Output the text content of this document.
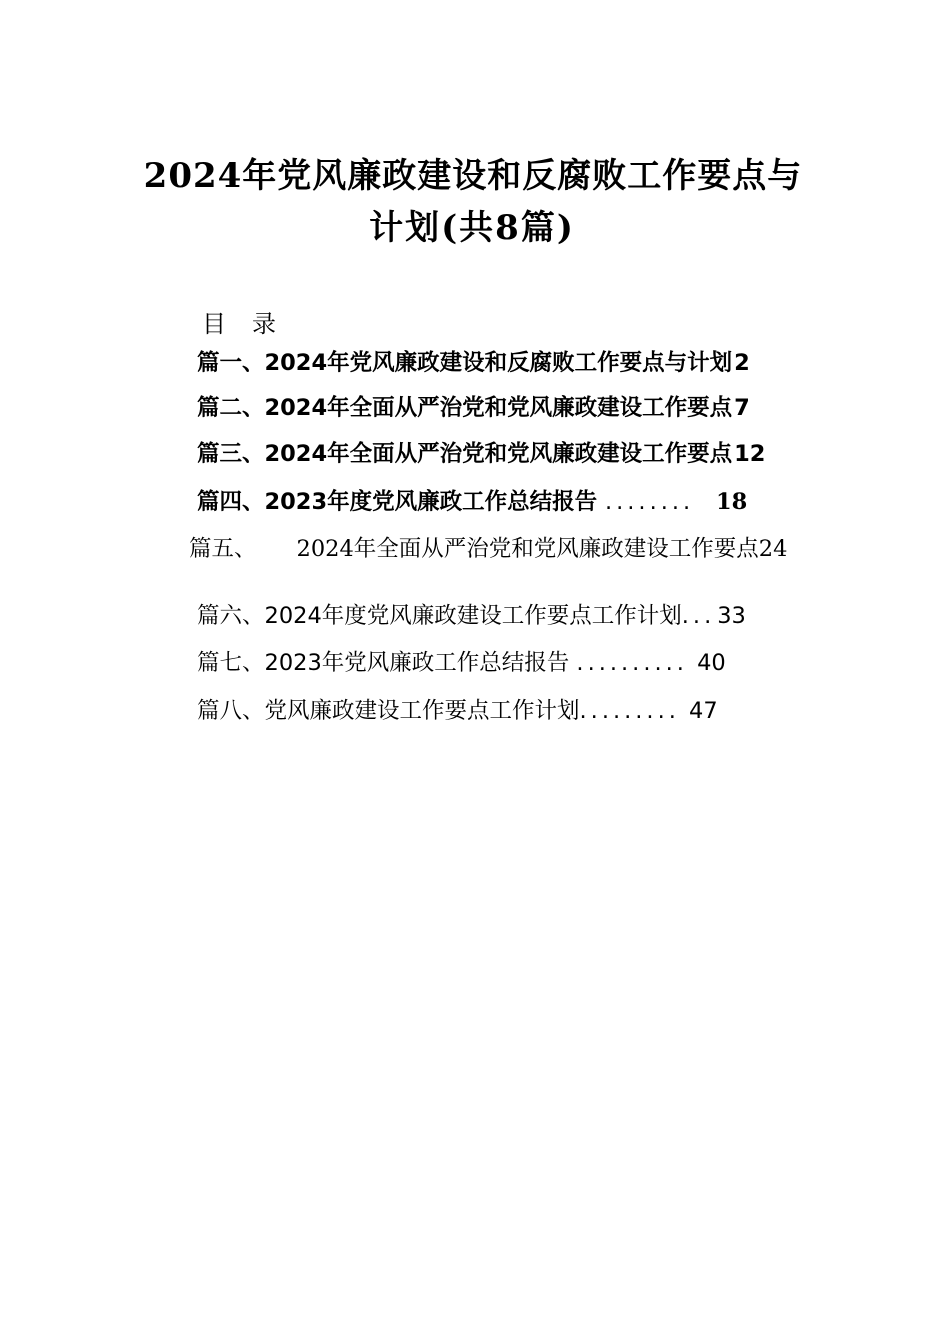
2024年党风廉政建设和反腐败工作要点与
计划(共8篇)
目录
篇一、2024年党风廉政建设和反腐败工作要点与计划2
篇二、2024年全面从严治党和党风廉政建设工作要点7
篇三、2024年全面从严治党和党风廉政建设工作要点12
篇四、2023年度党风廉政工作总结报告 ........ 18
篇五、 2024年全面从严治党和党风廉政建设工作要点24
篇六、2024年度党风廉政建设工作要点工作计划...33
篇七、2023年党风廉政工作总结报告 .......... 40
篇八、党风廉政建设工作要点工作计划......... 47
